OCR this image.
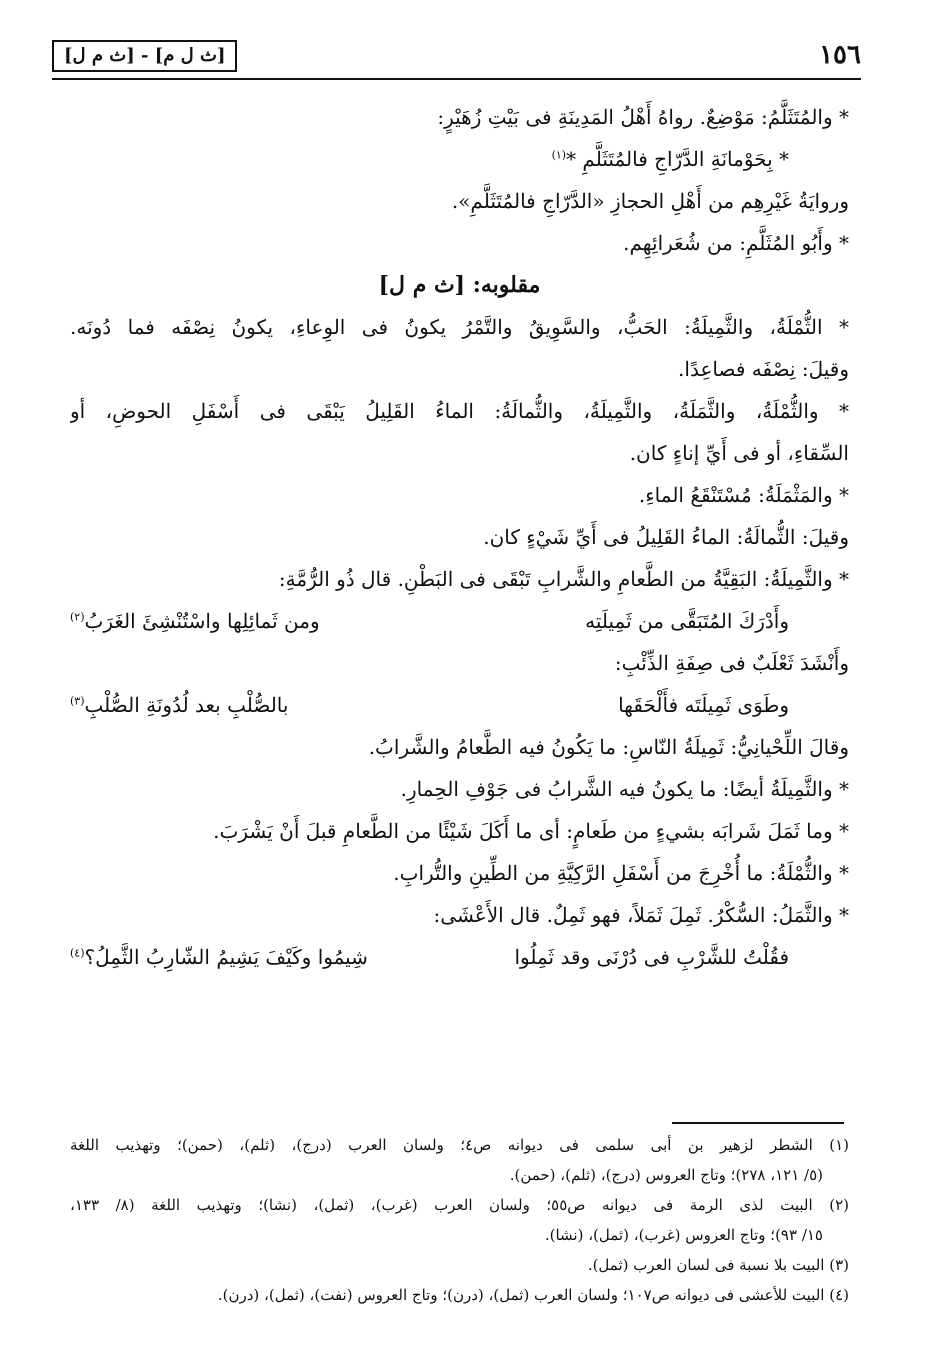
١٥٦
[ث ل م] - [ث م ل]
* والمُتَثَلَّمُ: مَوْضِعٌ. رواهُ أَهْلُ المَدِينَةِ فى بَيْتِ زُهَيْرٍ:
* بِحَوْمانَةِ الدَّرّاجِ فالمُتَثَلَّمِ *$^{(١)}$
وروايَةُ غَيْرِهِم من أَهْلِ الحجازِ «الدَّرّاجِ فالمُتَثَلَّمِ».
* وأَبُو المُثَلَّمِ: من شُعَرائِهِم.
مقلوبه: [ث م ل]
* الثُّمْلَةُ، والثَّمِيلَةُ: الحَبُّ، والسَّوِيقُ والتَّمْرُ يكونُ فى الوِعاءِ، يكونُ نِصْفَه فما دُونَه.
وقيلَ: نِصْفَه فصاعِدًا.
* والثُّمْلَةُ، والثَّمَلَةُ، والثَّمِيلَةُ، والثُّمالَةُ: الماءُ القَلِيلُ يَبْقَى فى أَسْفَلِ الحوضِ، أو
السِّقاءِ، أو فى أَيِّ إناءٍ كان.
* والمَثْمَلَةُ: مُسْتَنْقَعُ الماءِ.
وقيلَ: الثُّمالَةُ: الماءُ القَلِيلُ فى أَيِّ شَيْءٍ كان.
* والثَّمِيلَةُ: البَقِيَّةُ من الطَّعامِ والشَّرابِ تَبْقَى فى البَطْنِ. قال ذُو الرُّمَّةِ:
وأَدْرَكَ المُتَبَقَّى من ثَمِيلَتِه
ومن ثَمائِلِها واسْتُنْشِئَ الغَرَبُ$^{(٢)}$
وأَنْشَدَ ثَعْلَبٌ فى صِفَةِ الذِّئْبِ:
وطَوَى ثَمِيلَتَه فأَلْحَقَها
بالصُّلْبِ بعد لُدُونَةِ الصُّلْبِ$^{(٣)}$
وقالَ اللِّحْيانِيُّ: ثَمِيلَةُ النّاسِ: ما يَكُونُ فيه الطَّعامُ والشَّرابُ.
* والثَّمِيلَةُ أيضًا: ما يكونُ فيه الشَّرابُ فى جَوْفِ الحِمارِ.
* وما ثَمَلَ شَرابَه بشيءٍ من طَعامٍ: أى ما أَكَلَ شَيْئًا من الطَّعامِ قبلَ أَنْ يَشْرَبَ.
* والثُّمْلَةُ: ما أُخْرِجَ من أَسْفَلِ الرَّكِيَّةِ من الطِّينِ والتُّرابِ.
* والثَّمَلُ: السُّكْرُ. ثَمِلَ ثَمَلاً، فهو ثَمِلٌ. قال الأَعْشَى:
فقُلْتُ للشَّرْبِ فى دُرْنَى وقد ثَمِلُوا
شِيمُوا وكَيْفَ يَشِيمُ الشّارِبُ الثَّمِلُ؟$^{(٤)}$
(١) الشطر لزهير بن أبى سلمى فى ديوانه ص٤؛ ولسان العرب (درج)، (ثلم)، (حمن)؛ وتهذيب اللغة
(٥/ ١٢١، ٢٧٨)؛ وتاج العروس (درج)، (ثلم)، (حمن).
(٢) البيت لذى الرمة فى ديوانه ص٥٥؛ ولسان العرب (غرب)، (ثمل)، (نشا)؛ وتهذيب اللغة (٨/ ١٣٣،
١٥/ ٩٣)؛ وتاج العروس (غرب)، (ثمل)، (نشا).
(٣) البيت بلا نسبة فى لسان العرب (ثمل).
(٤) البيت للأعشى فى ديوانه ص١٠٧؛ ولسان العرب (ثمل)، (درن)؛ وتاج العروس (نفت)، (ثمل)، (درن).
